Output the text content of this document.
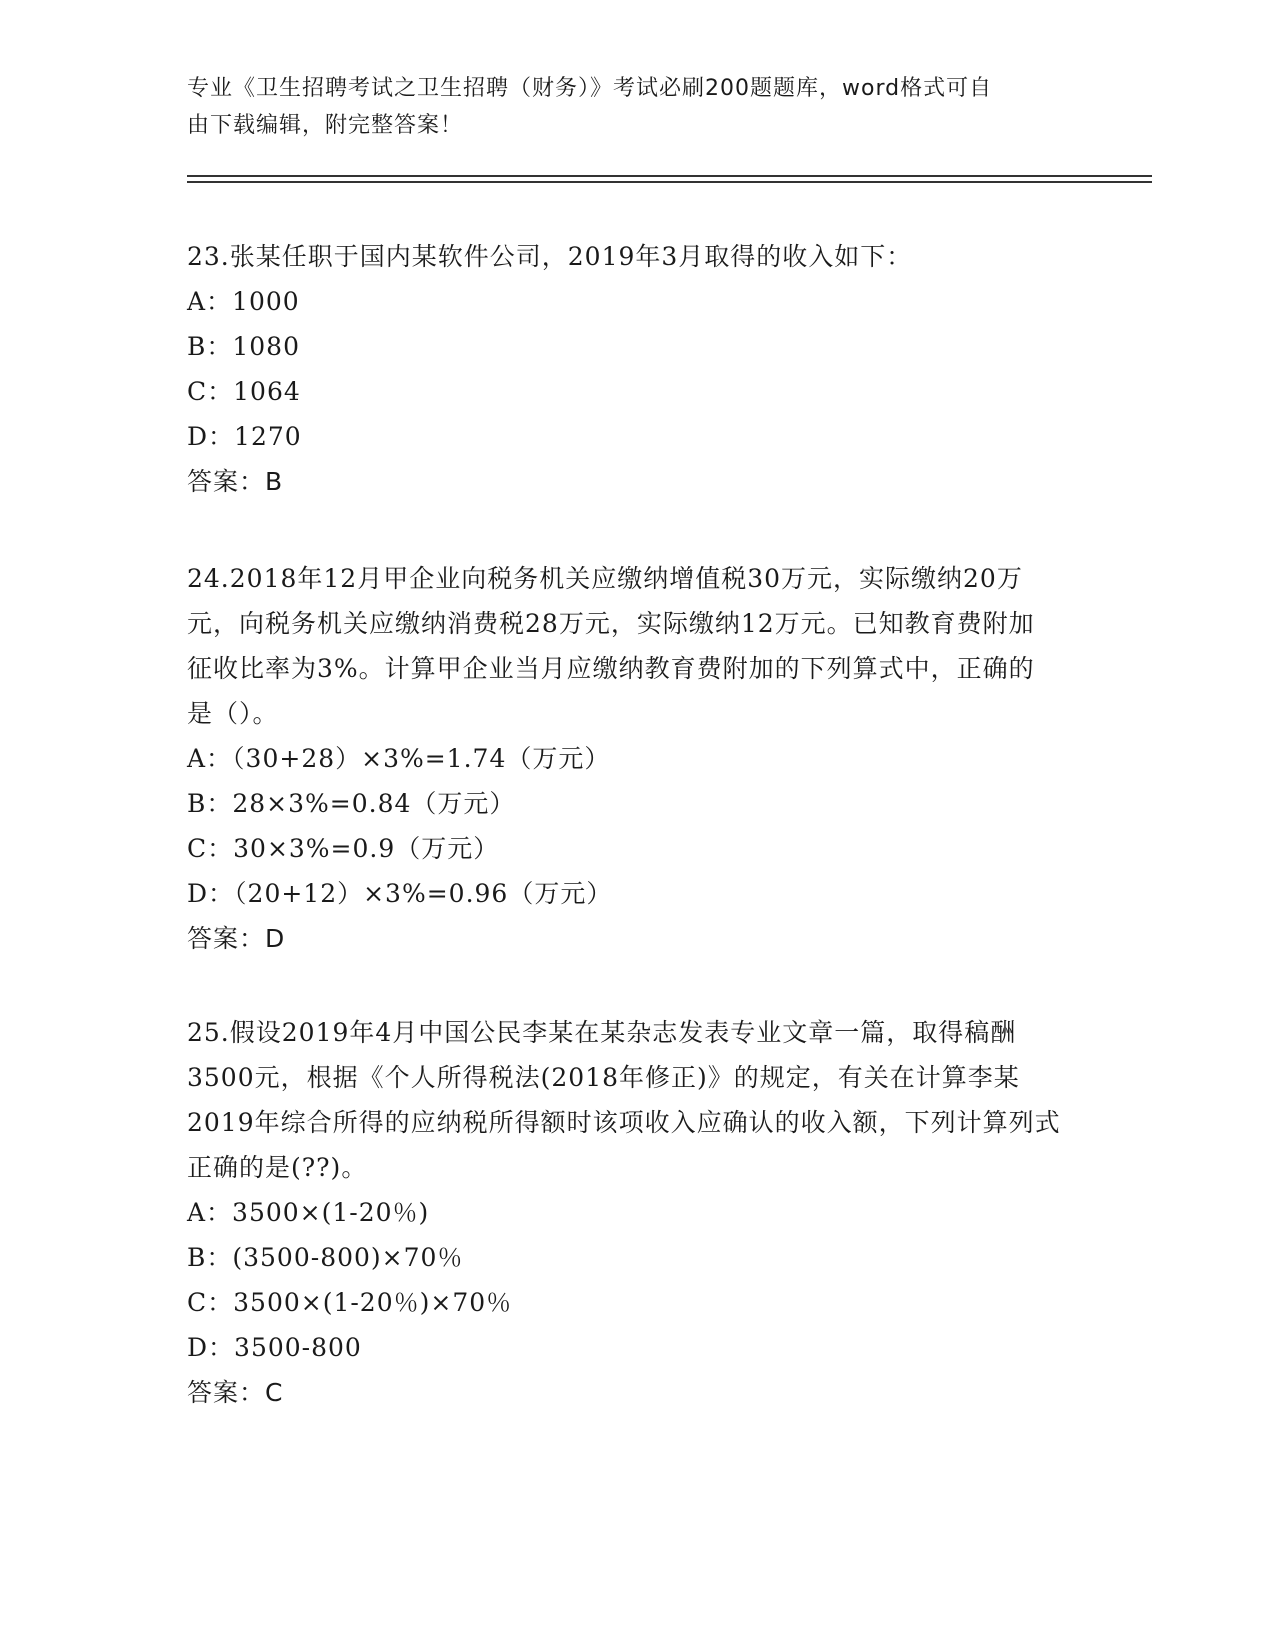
专业《卫生招聘考试之卫生招聘（财务）》考试必刷200题题库，word格式可自
由下载编辑，附完整答案！
23.张某任职于国内某软件公司，2019年3月取得的收入如下：
A：1000
B：1080
C：1064
D：1270
答案：B
24.2018年12月甲企业向税务机关应缴纳增值税30万元，实际缴纳20万元，向税务机关应缴纳消费税28万元，实际缴纳12万元。已知教育费附加征收比率为3%。计算甲企业当月应缴纳教育费附加的下列算式中，正确的是（）。
A：（30+28）×3%=1.74（万元）
B：28×3%=0.84（万元）
C：30×3%=0.9（万元）
D：（20+12）×3%=0.96（万元）
答案：D
25.假设2019年4月中国公民李某在某杂志发表专业文章一篇，取得稿酬3500元，根据《个人所得税法(2018年修正)》的规定，有关在计算李某2019年综合所得的应纳税所得额时该项收入应确认的收入额，下列计算列式正确的是(??)。
A：3500×(1-20％)
B：(3500-800)×70％
C：3500×(1-20％)×70％
D：3500-800
答案：C
